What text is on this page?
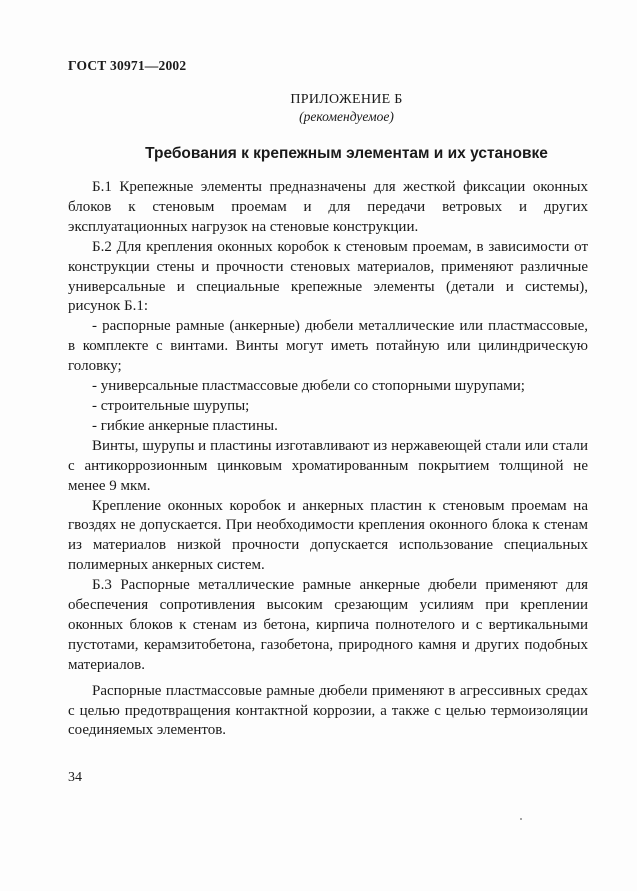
ГОСТ 30971—2002
ПРИЛОЖЕНИЕ Б
(рекомендуемое)
Требования к крепежным элементам и их установке

Б.1 Крепежные элементы предназначены для жесткой фиксации оконных блоков к стеновым проемам и для передачи ветровых и других эксплуатационных нагрузок на стеновые конструкции.

Б.2 Для крепления оконных коробок к стеновым проемам, в зависимости от конструкции стены и прочности стеновых материалов, применяют различные универсальные и специальные крепежные элементы (детали и системы), рисунок Б.1:

- распорные рамные (анкерные) дюбели металлические или пластмассовые, в комплекте с винтами. Винты могут иметь потайную или цилиндрическую головку;

- универсальные пластмассовые дюбели со стопорными шурупами;

- строительные шурупы;

- гибкие анкерные пластины.

Винты, шурупы и пластины изготавливают из нержавеющей стали или стали с антикоррозионным цинковым хроматированным покрытием толщиной не менее 9 мкм.

Крепление оконных коробок и анкерных пластин к стеновым проемам на гвоздях не допускается. При необходимости крепления оконного блока к стенам из материалов низкой прочности допускается использование специальных полимерных анкерных систем.

Б.3 Распорные металлические рамные анкерные дюбели применяют для обеспечения сопротивления высоким срезающим усилиям при креплении оконных блоков к стенам из бетона, кирпича полнотелого и с вертикальными пустотами, керамзитобетона, газобетона, природного камня и других подобных материалов.

Распорные пластмассовые рамные дюбели применяют в агрессивных средах с целью предотвращения контактной коррозии, а также с целью термоизоляции соединяемых элементов.

34
